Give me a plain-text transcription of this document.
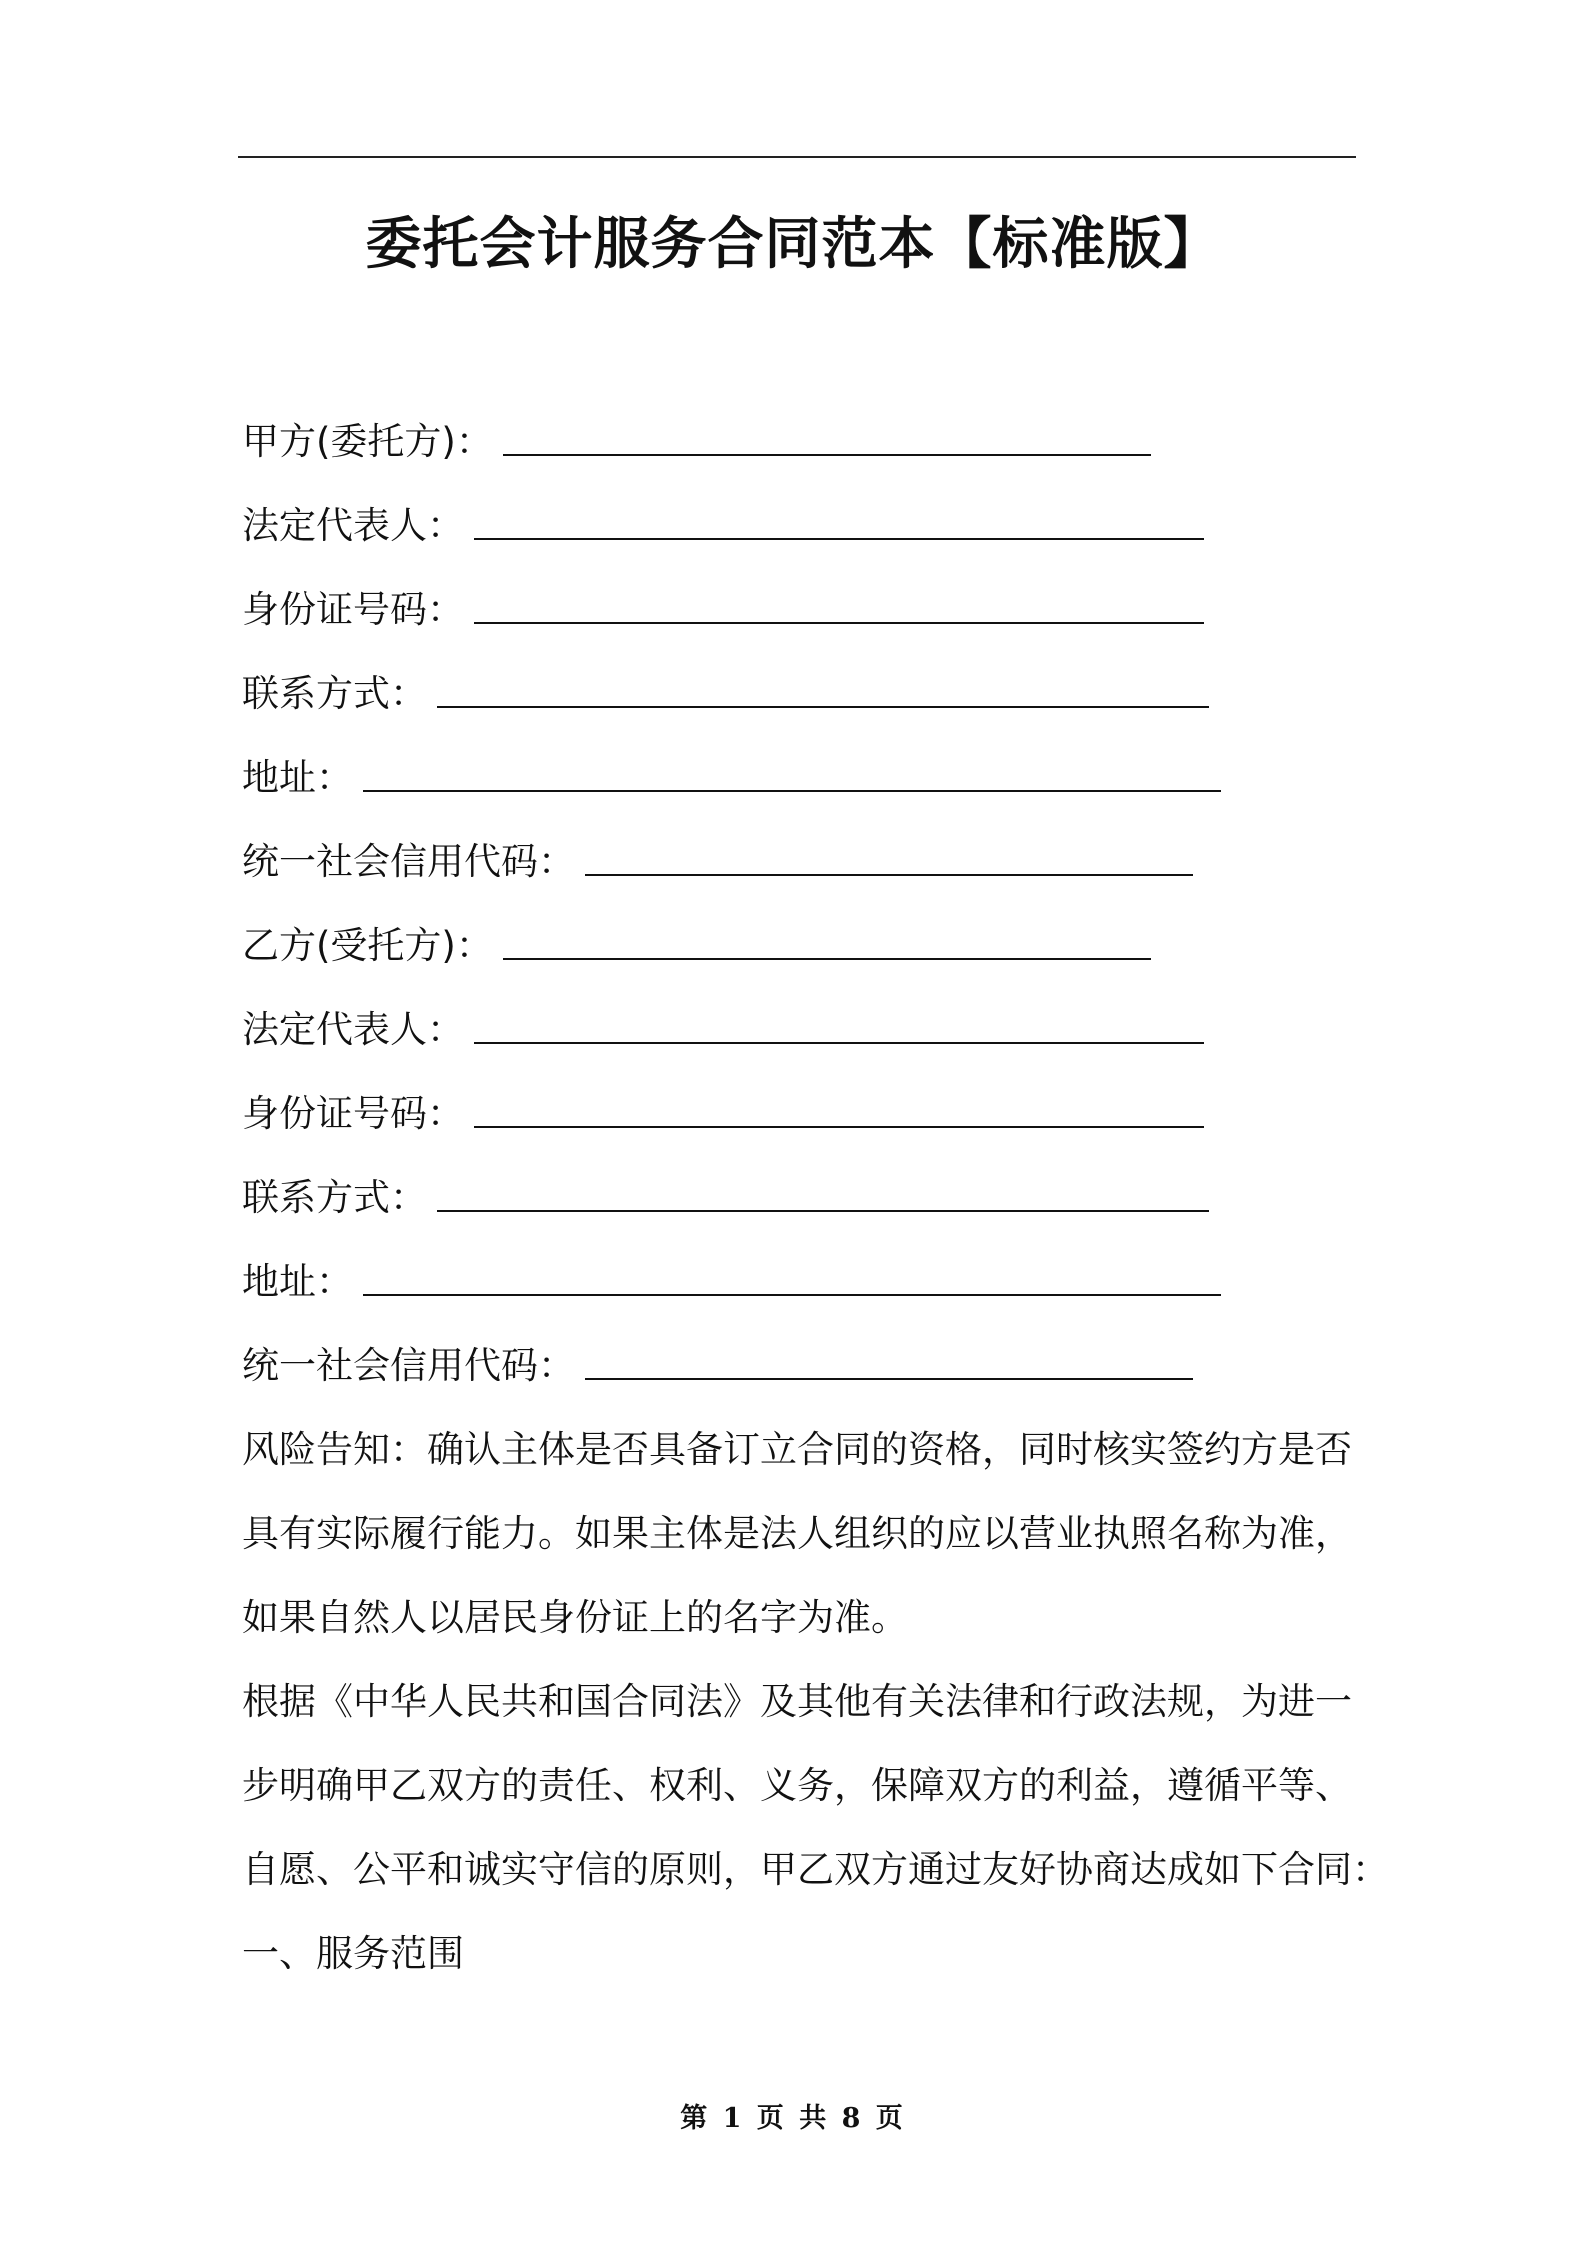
委托会计服务合同范本【标准版】
甲方(委托方)：
法定代表人：
身份证号码：
联系方式：
地址：
统一社会信用代码：
乙方(受托方)：
法定代表人：
身份证号码：
联系方式：
地址：
统一社会信用代码：
风险告知：确认主体是否具备订立合同的资格，同时核实签约方是否
具有实际履行能力。如果主体是法人组织的应以营业执照名称为准，
如果自然人以居民身份证上的名字为准。
根据《中华人民共和国合同法》及其他有关法律和行政法规，为进一
步明确甲乙双方的责任、权利、义务，保障双方的利益，遵循平等、
自愿、公平和诚实守信的原则，甲乙双方通过友好协商达成如下合同：
一、服务范围
第 1 页 共 8 页
